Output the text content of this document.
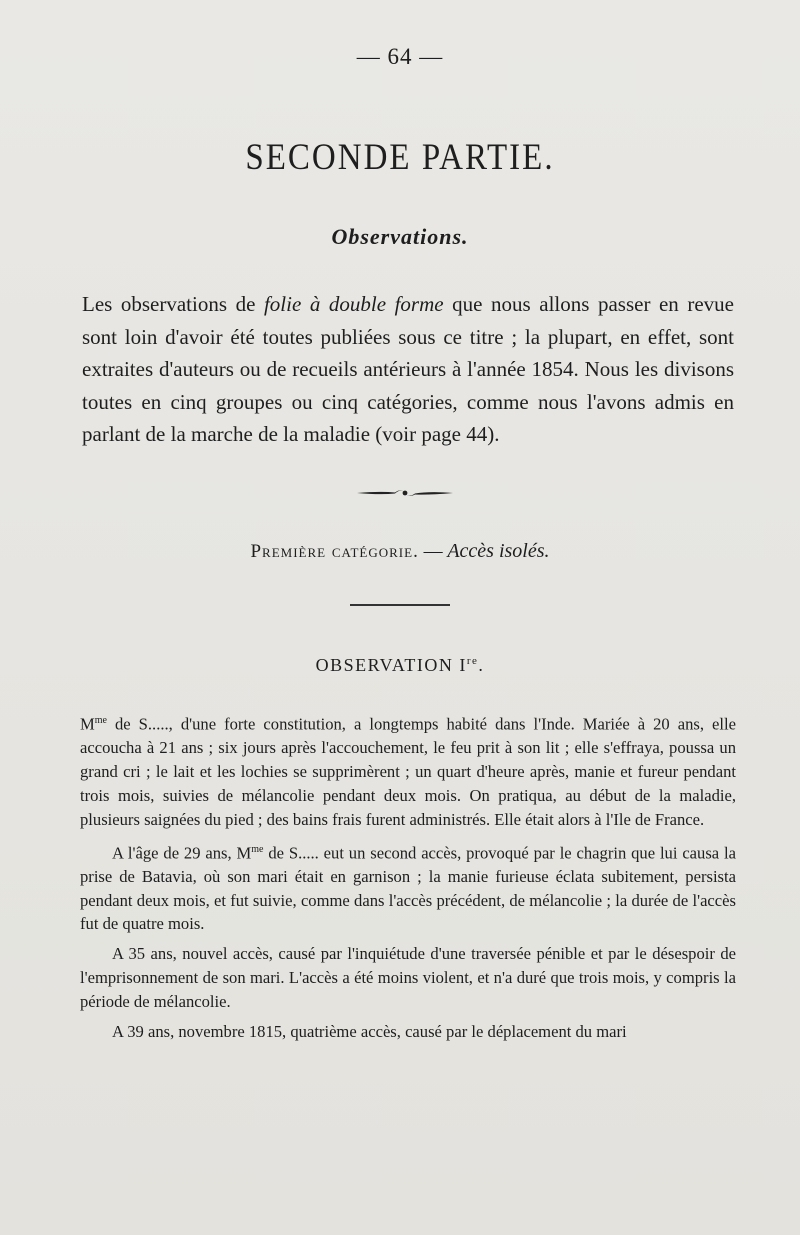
— 64 —
SECONDE PARTIE.
Observations.
Les observations de folie à double forme que nous allons passer en revue sont loin d'avoir été toutes publiées sous ce titre ; la plupart, en effet, sont extraites d'auteurs ou de recueils antérieurs à l'année 1854. Nous les divisons toutes en cinq groupes ou cinq catégories, comme nous l'avons admis en parlant de la marche de la maladie (voir page 44).
Première catégorie. — Accès isolés.
OBSERVATION Ire.

$M^{me}$ de S....., d'une forte constitution, a longtemps habité dans l'Inde. Mariée à 20 ans, elle accoucha à 21 ans ; six jours après l'accouchement, le feu prit à son lit ; elle s'effraya, poussa un grand cri ; le lait et les lochies se supprimèrent ; un quart d'heure après, manie et fureur pendant trois mois, suivies de mélancolie pendant deux mois. On pratiqua, au début de la maladie, plusieurs saignées du pied ; des bains frais furent administrés. Elle était alors à l'Ile de France.

A l'âge de 29 ans, $M^{me}$ de S..... eut un second accès, provoqué par le chagrin que lui causa la prise de Batavia, où son mari était en garnison ; la manie furieuse éclata subitement, persista pendant deux mois, et fut suivie, comme dans l'accès précédent, de mélancolie ; la durée de l'accès fut de quatre mois.

A 35 ans, nouvel accès, causé par l'inquiétude d'une traversée pénible et par le désespoir de l'emprisonnement de son mari. L'accès a été moins violent, et n'a duré que trois mois, y compris la période de mélancolie.

A 39 ans, novembre 1815, quatrième accès, causé par le déplacement du mari
